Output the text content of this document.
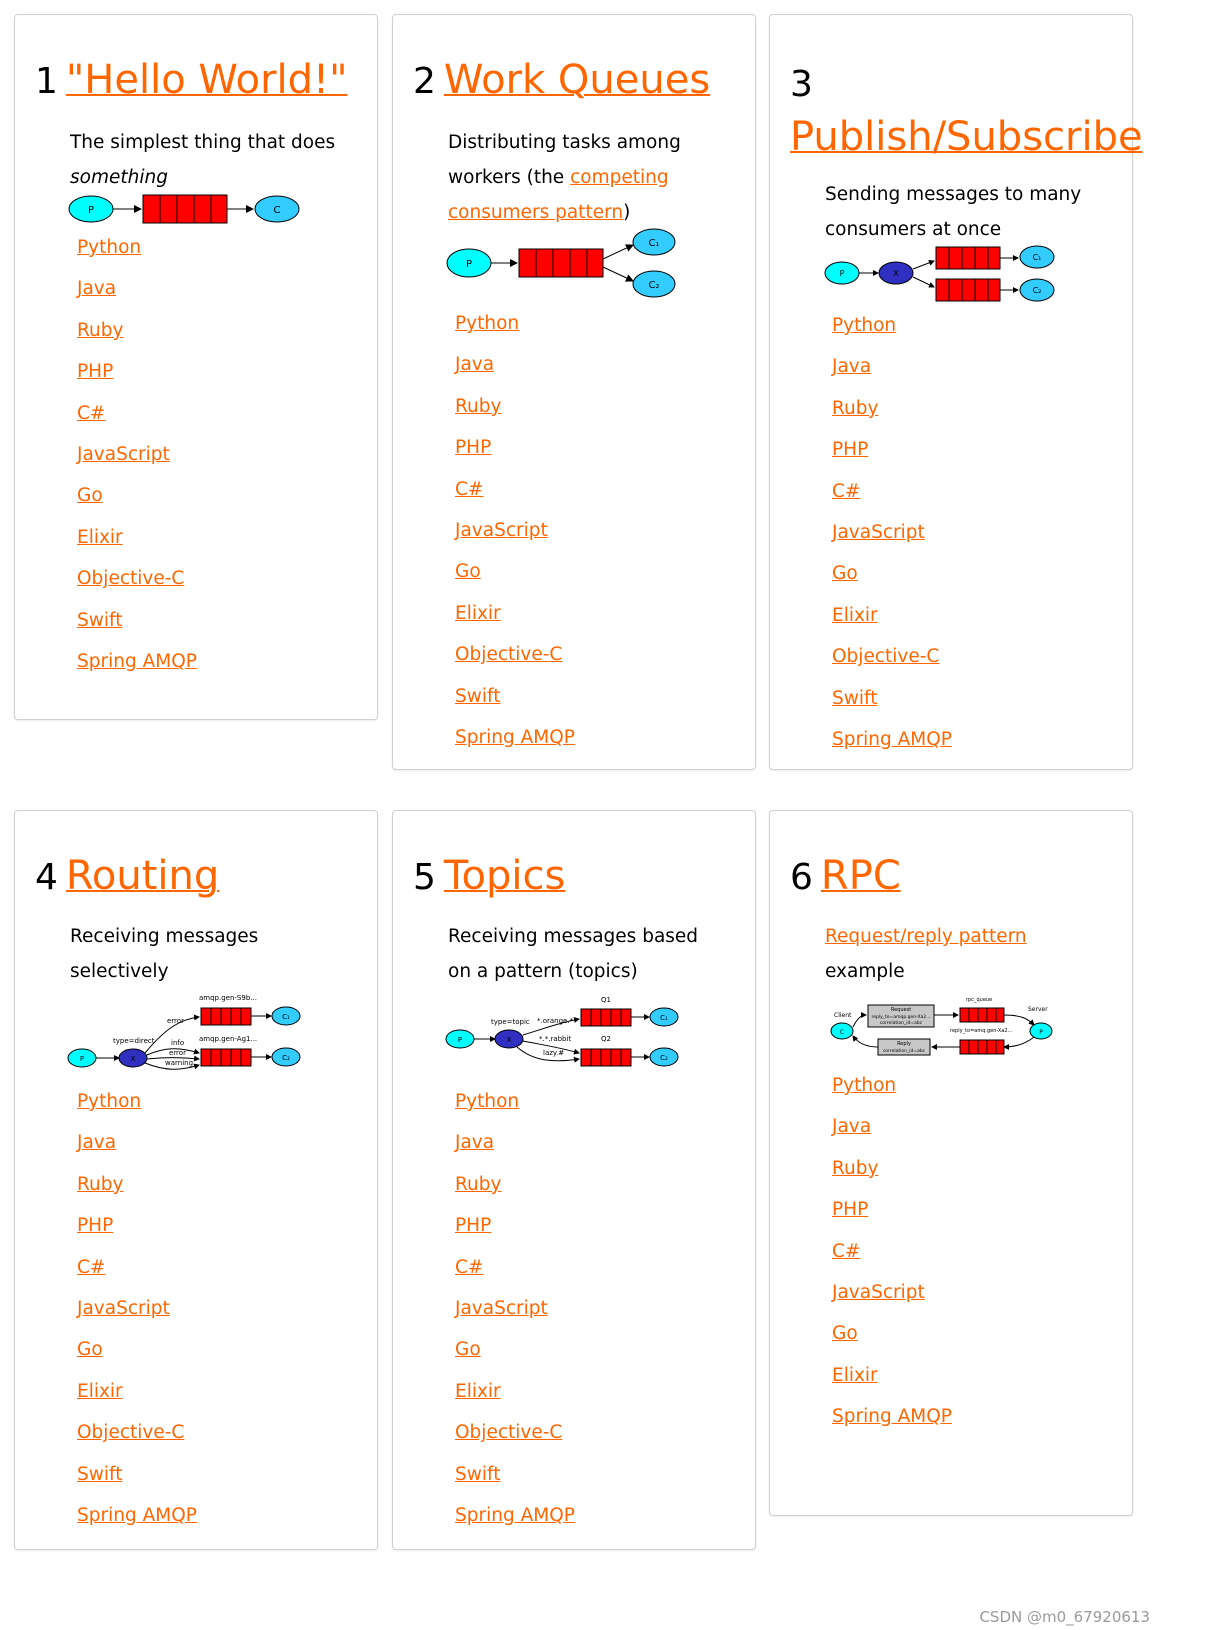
1 "Hello World!"

The simplest thing that does
something

P	C
Python
Java
Ruby
PHP
C#
JavaScript
Go
Elixir
Objective-C
Swift
Spring AMQP
2 Work Queues

Distributing tasks among workers (the competing consumers pattern)

P
C₁
C₂
Python
Java
Ruby
PHP
C#
JavaScript
Go
Elixir
Objective-C
Swift
Spring AMQP
3
Publish/Subscribe

Sending messages to many consumers at once

P	X
C₁
C₂
Python
Java
Ruby
PHP
C#
JavaScript
Go
Elixir
Objective-C
Swift
Spring AMQP
4 Routing

Receiving messages selectively

type=direct
P	X
error
info
error
warning
amqp.gen-S9b...
amqp.gen-Ag1...
C₁
C₂
Python
Java
Ruby
PHP
C#
JavaScript
Go
Elixir
Objective-C
Swift
Spring AMQP
5 Topics

Receiving messages based on a pattern (topics)

type=topic
P	X
*.orange.*
*.*.rabbit
lazy.#
Q1
Q2
C₁
C₂
Python
Java
Ruby
PHP
C#
JavaScript
Go
Elixir
Objective-C
Swift
Spring AMQP
6 RPC

Request/reply pattern example

Client
C
Request
reply_to=amqp.gen-Xa2...
correlation_id=abc
rpc_queue
Server
P
reply_to=amq.gen-Xa2...
Reply
correlation_id=abc
Python
Java
Ruby
PHP
C#
JavaScript
Go
Elixir
Spring AMQP
CSDN @m0_67920613
